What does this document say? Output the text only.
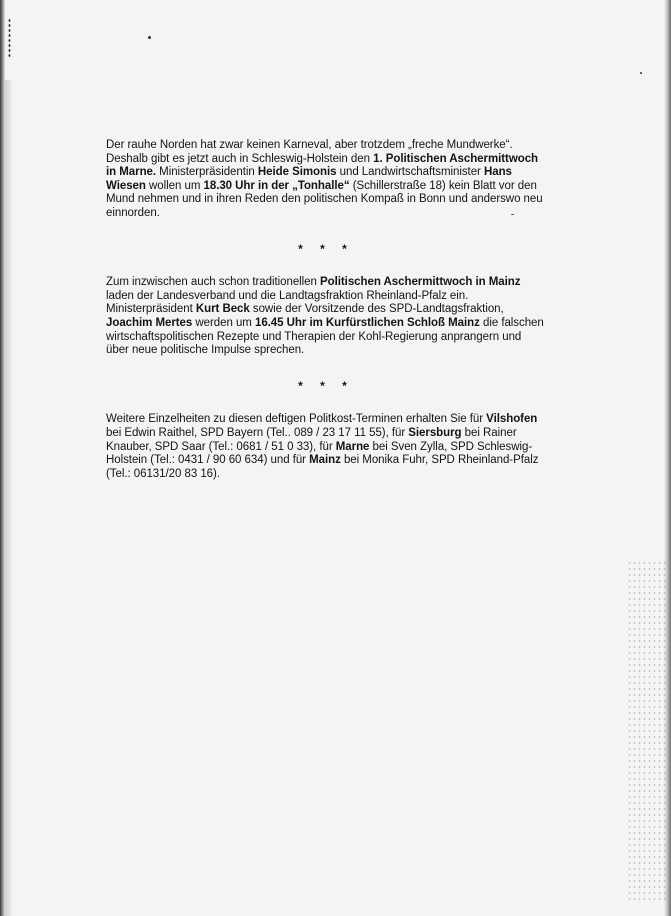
Der rauhe Norden hat zwar keinen Karneval, aber trotzdem „freche Mundwerke“. Deshalb gibt es jetzt auch in Schleswig-Holstein den 1. Politischen Aschermittwoch in Marne. Ministerpräsidentin Heide Simonis und Landwirtschaftsminister Hans Wiesen wollen um 18.30 Uhr in der „Tonhalle“ (Schillerstraße 18) kein Blatt vor den Mund nehmen und in ihren Reden den politischen Kompaß in Bonn und anderswo neu einnorden.

* * *

Zum inzwischen auch schon traditionellen Politischen Aschermittwoch in Mainz laden der Landesverband und die Landtagsfraktion Rheinland-Pfalz ein. Ministerpräsident Kurt Beck sowie der Vorsitzende des SPD-Landtagsfraktion, Joachim Mertes werden um 16.45 Uhr im Kurfürstlichen Schloß Mainz die falschen wirtschaftspolitischen Rezepte und Therapien der Kohl-Regierung anprangern und über neue politische Impulse sprechen.

* * *

Weitere Einzelheiten zu diesen deftigen Politkost-Terminen erhalten Sie für Vilshofen bei Edwin Raithel, SPD Bayern (Tel.. 089 / 23 17 11 55), für Siersburg bei Rainer Knauber, SPD Saar (Tel.: 0681 / 51 0 33), für Marne bei Sven Zylla, SPD Schleswig-Holstein (Tel.: 0431 / 90 60 634) und für Mainz bei Monika Fuhr, SPD Rheinland-Pfalz (Tel.: 06131/20 83 16).
